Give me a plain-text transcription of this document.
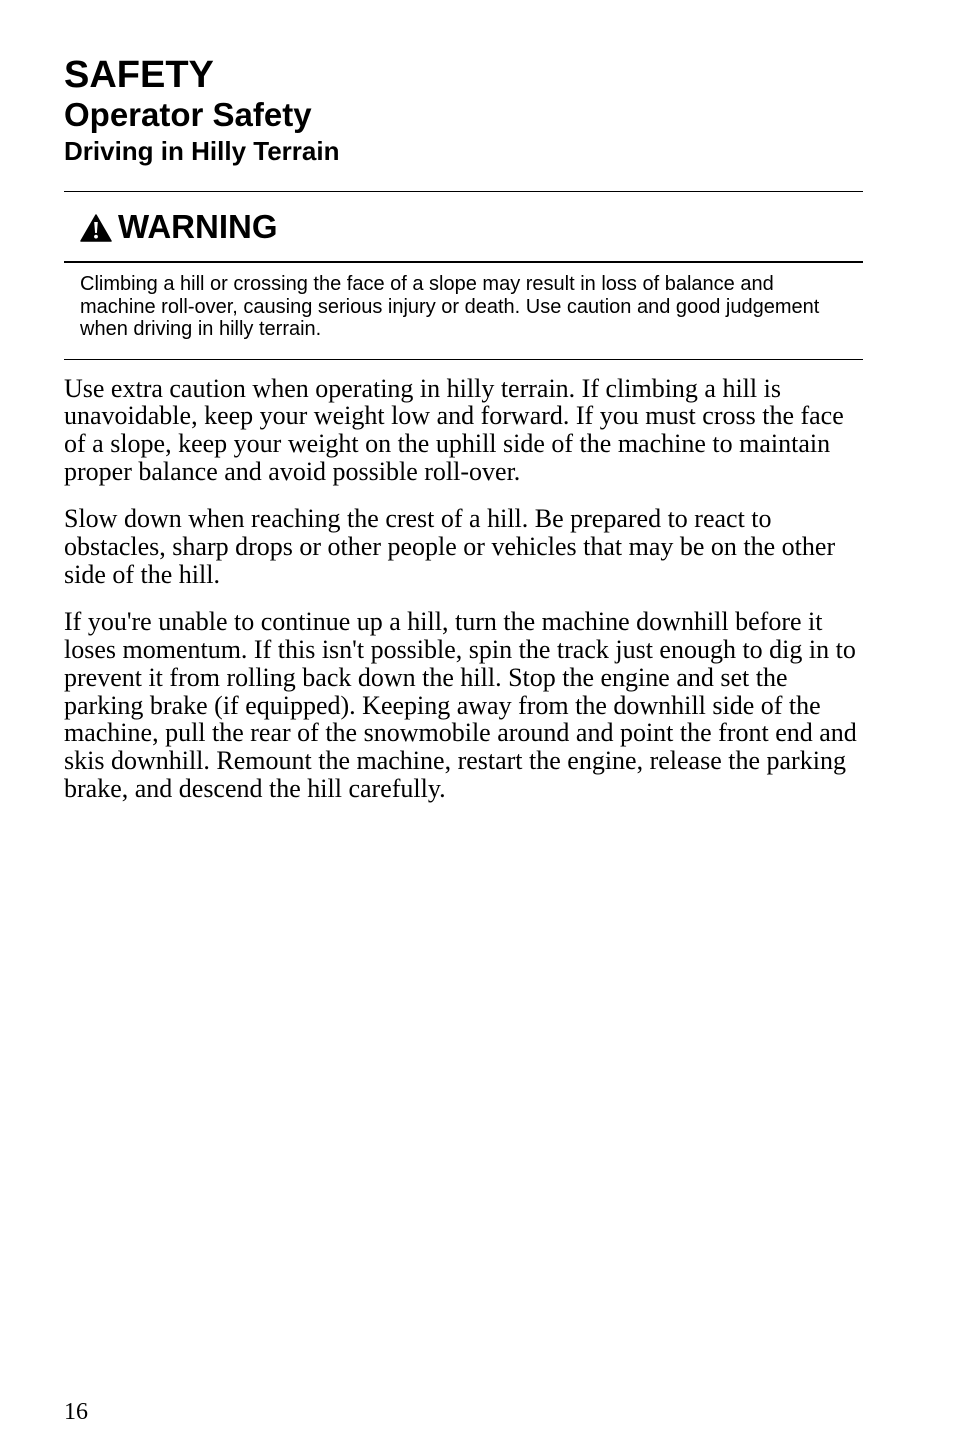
SAFETY
Operator Safety
Driving in Hilly Terrain
WARNING

Climbing a hill or crossing the face of a slope may result in loss of balance and machine roll-over, causing serious injury or death. Use caution and good judgement when driving in hilly terrain.

Use extra caution when operating in hilly terrain. If climbing a hill is unavoidable, keep your weight low and forward. If you must cross the face of a slope, keep your weight on the uphill side of the machine to maintain proper balance and avoid possible roll-over.

Slow down when reaching the crest of a hill. Be prepared to react to obstacles, sharp drops or other people or vehicles that may be on the other side of the hill.

If you're unable to continue up a hill, turn the machine downhill before it loses momentum. If this isn't possible, spin the track just enough to dig in to prevent it from rolling back down the hill. Stop the engine and set the parking brake (if equipped). Keeping away from the downhill side of the machine, pull the rear of the snowmobile around and point the front end and skis downhill. Remount the machine, restart the engine, release the parking brake, and descend the hill carefully.

16
